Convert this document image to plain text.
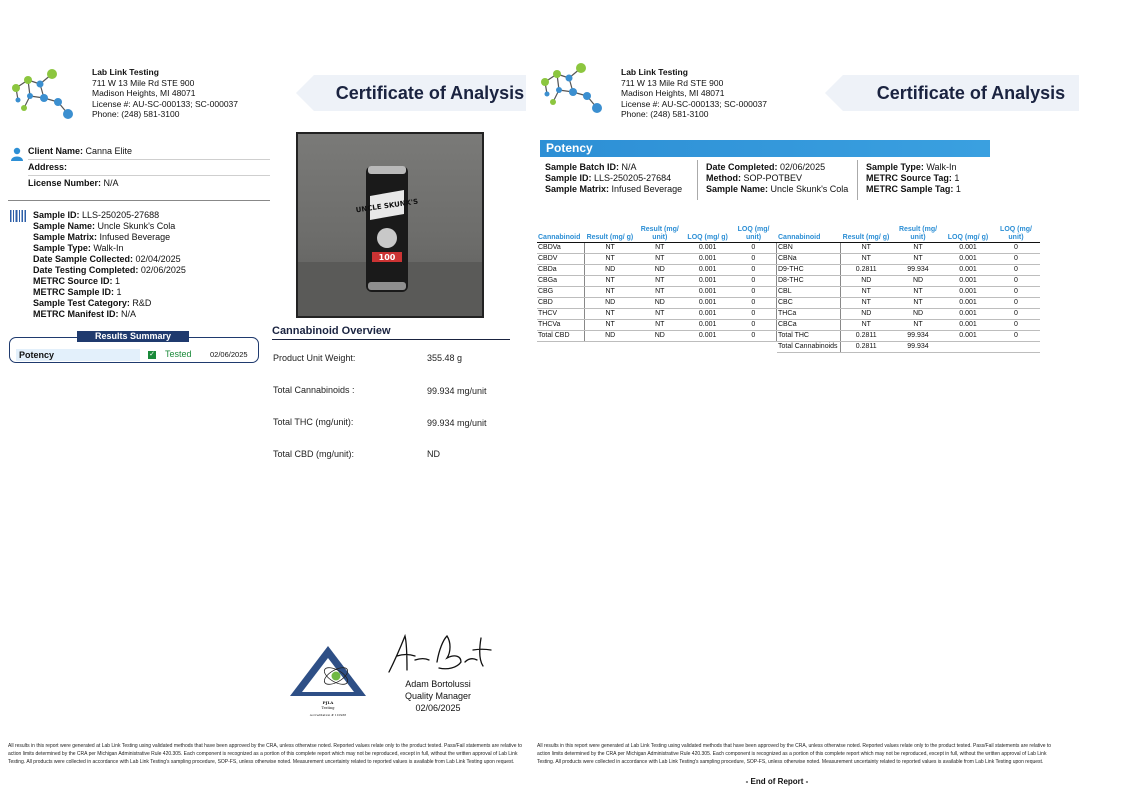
Lab Link Testing
711 W 13 Mile Rd STE 900
Madison Heights, MI 48071
License #: AU-SC-000133; SC-000037
Phone: (248) 581-3100
Certificate of Analysis
Client Name: Canna Elite
Address:
License Number: N/A
Sample ID: LLS-250205-27688
Sample Name: Uncle Skunk's Cola
Sample Matrix: Infused Beverage
Sample Type: Walk-In
Date Sample Collected: 02/04/2025
Date Testing Completed: 02/06/2025
METRC Source ID: 1
METRC Sample ID: 1
Sample Test Category: R&D
METRC Manifest ID: N/A
Results Summary
Potency	✓ Tested 02/06/2025
UNCLE SKUNK'S
100
Cannabinoid Overview
Product Unit Weight:	355.48 g
Total Cannabinoids :	99.934 mg/unit
Total THC (mg/unit):	99.934 mg/unit
Total CBD (mg/unit):	ND
PJLA
Testing
Accreditation # 110938
Adam Bortolussi
Quality Manager
02/06/2025
All results in this report were generated at Lab Link Testing using validated methods that have been approved by the CRA, unless otherwise noted. Reported values relate only to the product tested. Pass/Fail statements are relative to action limits determined by the CRA per Michigan Administrative Rule 420.305. Each component is recognized as a portion of this complete report which may not be reproduced, except in full, without the written approval of Lab Link Testing. All products were collected in accordance with Lab Link Testing's sampling procedure, SOP-FS, unless otherwise noted. Measurement uncertainty related to reported values is available from Lab Link Testing upon request.
Lab Link Testing
711 W 13 Mile Rd STE 900
Madison Heights, MI 48071
License #: AU-SC-000133; SC-000037
Phone: (248) 581-3100
Certificate of Analysis
Potency
Sample Batch ID: N/A
Sample ID: LLS-250205-27684
Sample Matrix: Infused Beverage
Date Completed: 02/06/2025
Method: SOP-POTBEV
Sample Name: Uncle Skunk's Cola
Sample Type: Walk-In
METRC Source Tag: 1
METRC Sample Tag: 1
Cannabinoid	Result (mg/ g)	Result (mg/ unit)	LOQ (mg/ g)	LOQ (mg/ unit)
CBDVa	NT	NT	0.001	0
CBDV	NT	NT	0.001	0
CBDa	ND	ND	0.001	0
CBGa	NT	NT	0.001	0
CBG	NT	NT	0.001	0
CBD	ND	ND	0.001	0
THCV	NT	NT	0.001	0
THCVa	NT	NT	0.001	0
Total CBD	ND	ND	0.001	0
Cannabinoid	Result (mg/ g)	Result (mg/ unit)	LOQ (mg/ g)	LOQ (mg/ unit)
CBN	NT	NT	0.001	0
CBNa	NT	NT	0.001	0
D9-THC	0.2811	99.934	0.001	0
D8-THC	ND	ND	0.001	0
CBL	NT	NT	0.001	0
CBC	NT	NT	0.001	0
THCa	ND	ND	0.001	0
CBCa	NT	NT	0.001	0
Total THC	0.2811	99.934	0.001	0
Total Cannabinoids	0.2811	99.934		
All results in this report were generated at Lab Link Testing using validated methods that have been approved by the CRA, unless otherwise noted. Reported values relate only to the product tested. Pass/Fail statements are relative to action limits determined by the CRA per Michigan Administrative Rule 420.305. Each component is recognized as a portion of this complete report which may not be reproduced, except in full, without the written approval of Lab Link Testing. All products were collected in accordance with Lab Link Testing's sampling procedure, SOP-FS, unless otherwise noted. Measurement uncertainty related to reported values is available from Lab Link Testing upon request.
- End of Report -
